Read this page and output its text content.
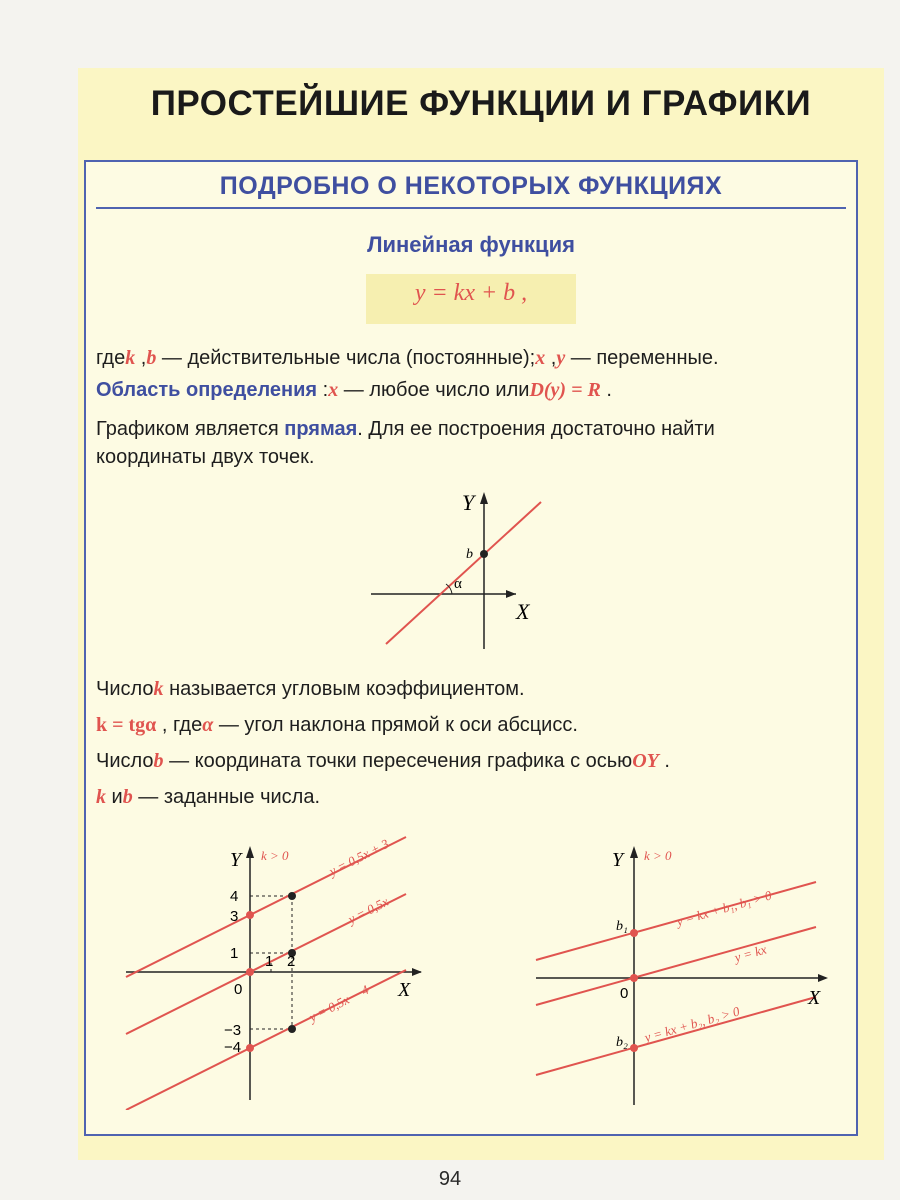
ПРОСТЕЙШИЕ ФУНКЦИИ И ГРАФИКИ
ПОДРОБНО О НЕКОТОРЫХ ФУНКЦИЯХ
Линейная функция
y = kx + b ,
гдеk ,b — действительные числа (постоянные);x ,y — переменные.
Область определения :x — любое число илиD(y) = R .
Графиком является прямая. Для ее построения достаточно найти
координаты двух точек.
Y
b
α
X
Числоk называется угловым коэффициентом.
k = tgα , гдеα — угол наклона прямой к оси абсцисс.
Числоb — координата точки пересечения графика с осьюOY .
k иb — заданные числа.
Y k > 0
X
0
4
3
1
−3
−4
1 2
y = 0,5x + 3
y = 0,5x
y = 0,5x − 4
Y k > 0
X
0
b₁
b₂
y = kx + b₁, b₁ > 0
y = kx
y = kx + b₂, b₂ > 0
94
